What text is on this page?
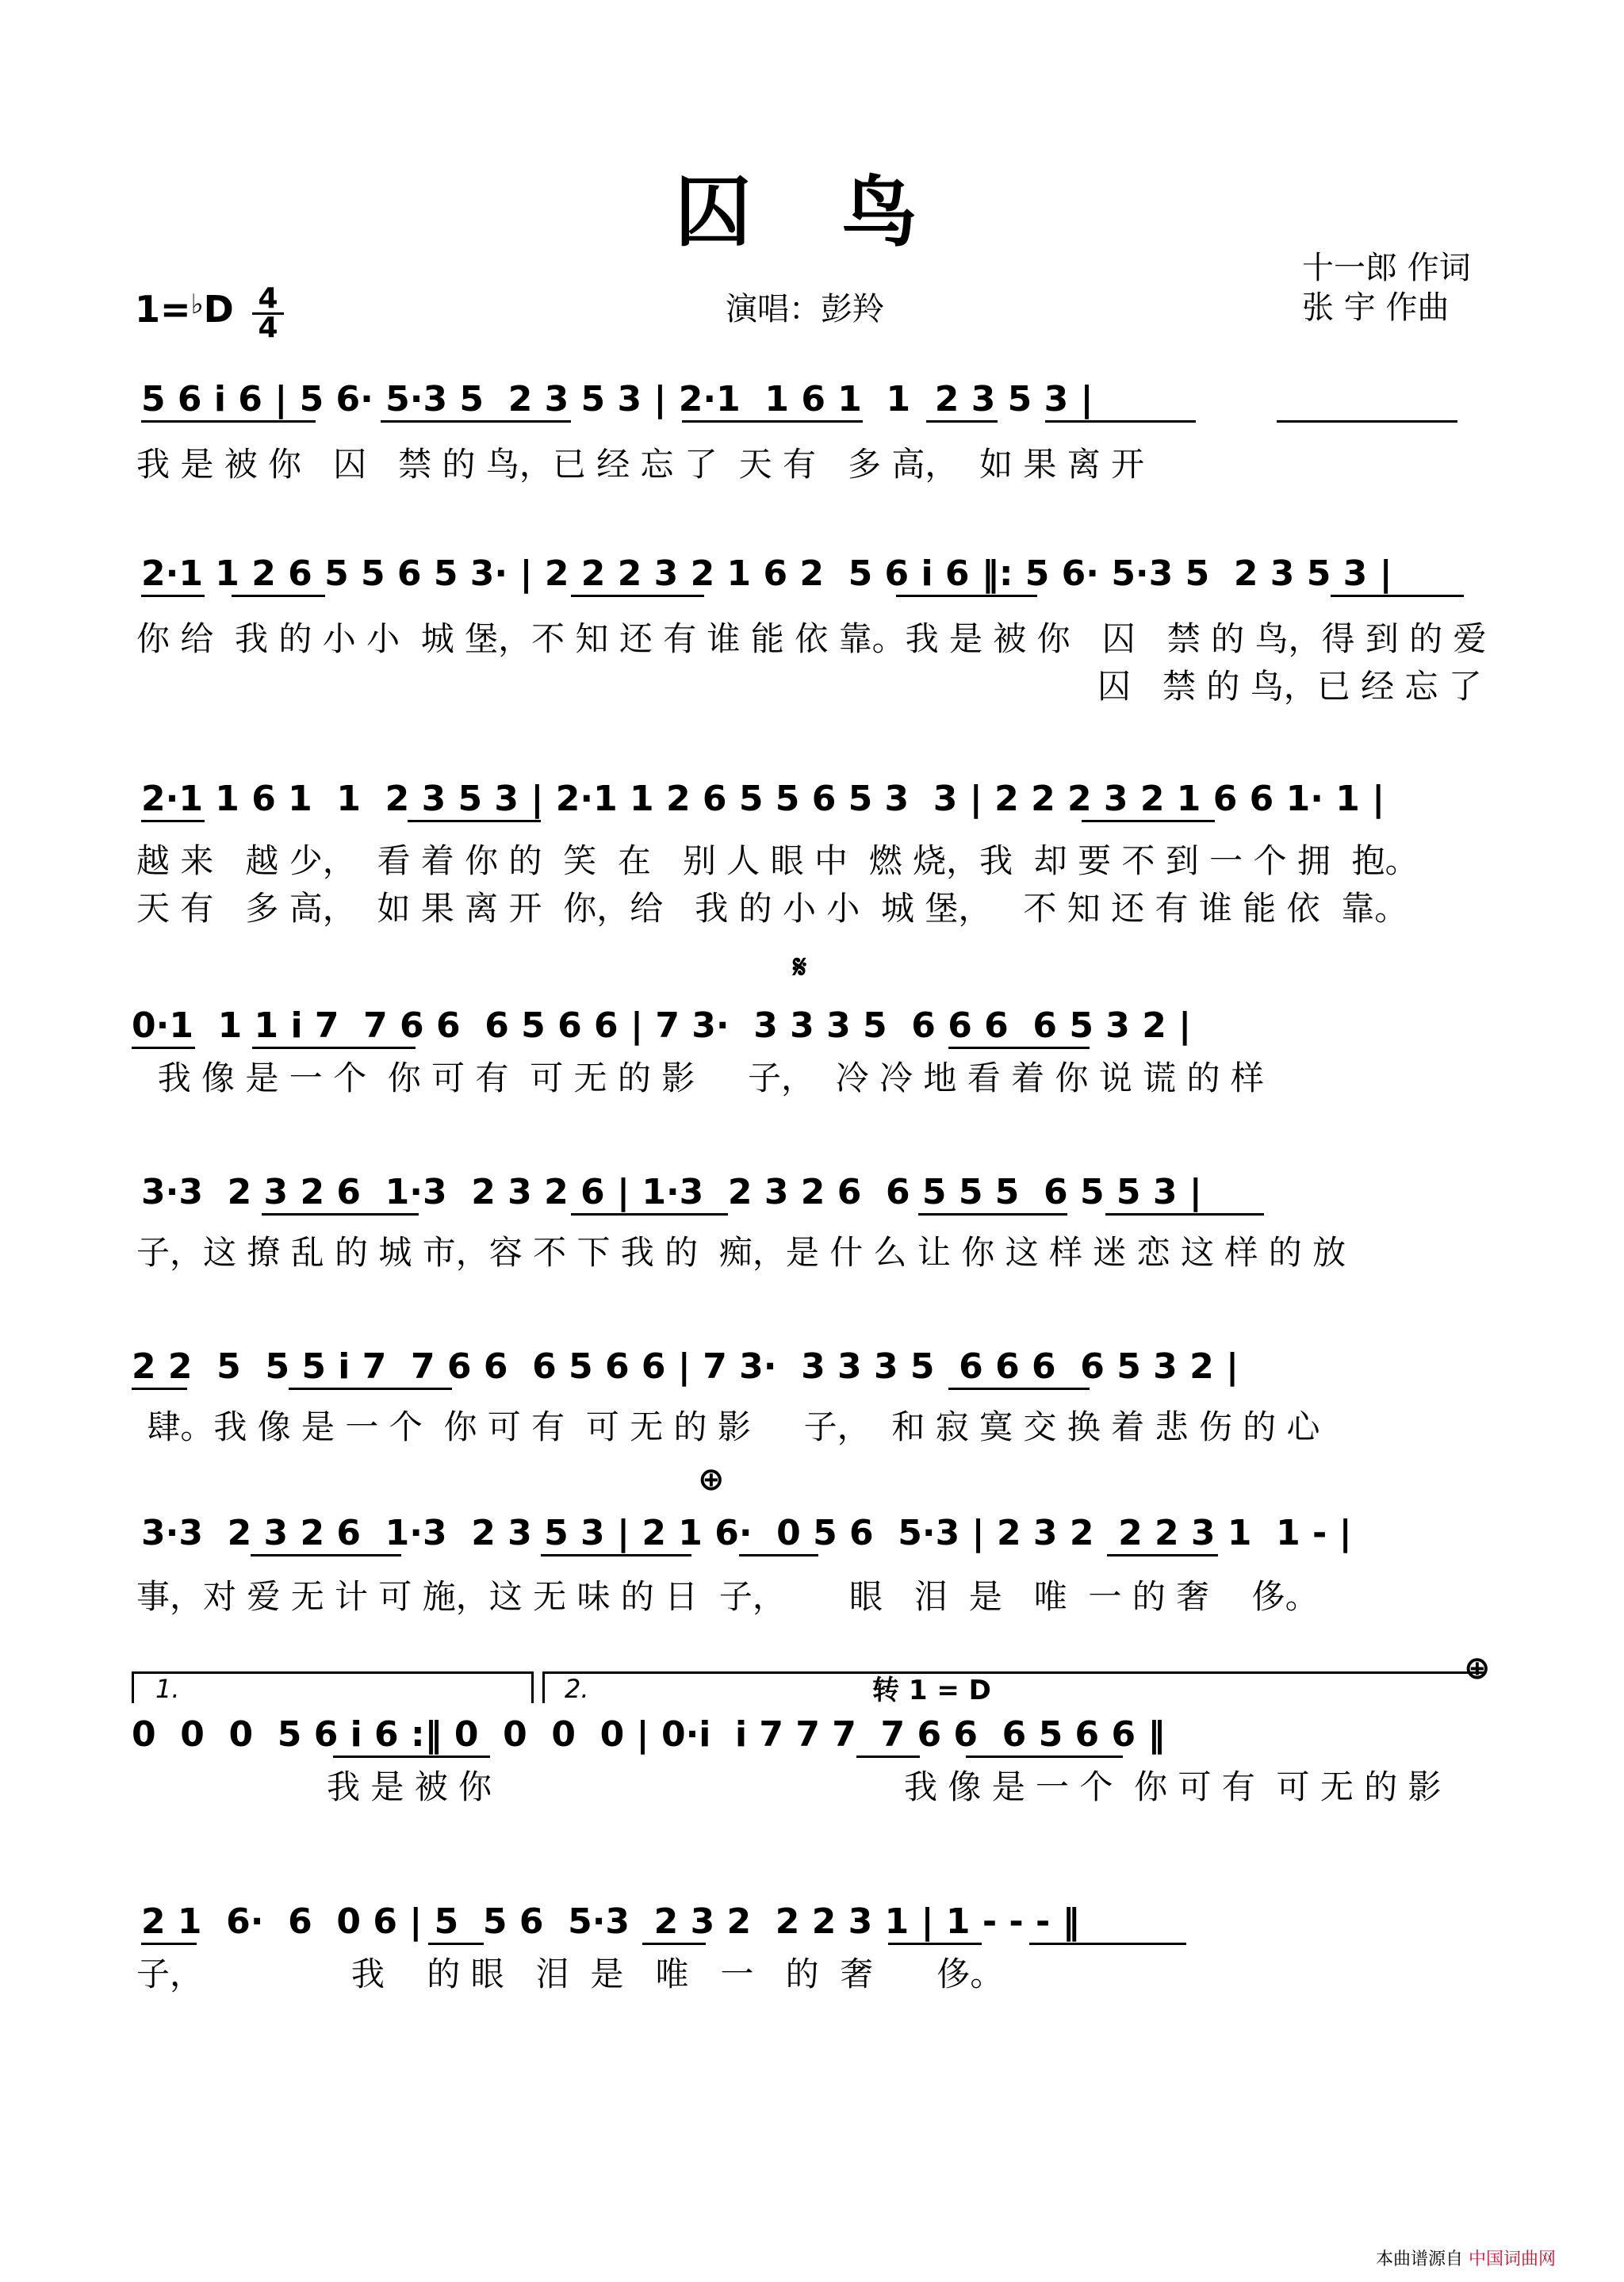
囚 鸟
1=♭D 4
4
演唱：彭羚
十一郎 作词
张 宇 作曲
5 6 i 6 | 5 6· 5·3 5  2 3 5 3 | 2·1  1 6 1  1  2 3 5 3 |
我 是 被 你   囚   禁 的 鸟，已 经 忘 了  天 有   多 高，  如 果 离 开
2·1 1 2 6 5 5 6 5 3· | 2 2 2 3 2 1 6 2  5 6 i 6 ‖: 5 6· 5·3 5  2 3 5 3 |
你 给  我 的 小 小  城 堡，不 知 还 有 谁 能 依 靠。我 是 被 你   囚   禁 的 鸟，得 到 的 爱
囚   禁 的 鸟，已 经 忘 了
2·1 1 6 1  1  2 3 5 3 | 2·1 1 2 6 5 5 6 5 3  3 | 2 2 2 3 2 1 6 6 1· 1 |
越 来   越 少，  看 着 你 的  笑  在   别 人 眼 中  燃 烧，我  却 要 不 到 一 个 拥  抱。
天 有   多 高，  如 果 离 开  你，给   我 的 小 小  城 堡，   不 知 还 有 谁 能 依  靠。
𝄋
0·1  1 1 i 7  7 6 6  6 5 6 6 | 7 3·  3 3 3 5  6 6 6  6 5 3 2 |
我 像 是 一 个  你 可 有  可 无 的 影     子，  冷 冷 地 看 着 你 说 谎 的 样
3·3  2 3 2 6  1·3  2 3 2 6 | 1·3  2 3 2 6  6 5 5 5  6 5 5 3 |
子，这 撩 乱 的 城 市，容 不 下 我 的  痴，是 什 么 让 你 这 样 迷 恋 这 样 的 放
2 2  5  5 5 i 7  7 6 6  6 5 6 6 | 7 3·  3 3 3 5  6 6 6  6 5 3 2 |
肆。我 像 是 一 个  你 可 有  可 无 的 影     子，  和 寂 寞 交 换 着 悲 伤 的 心
⊕
3·3  2 3 2 6  1·3  2 3 5 3 | 2 1 6·  0 5 6  5·3 | 2 3 2  2 2 3 1  1 - |
事，对 爱 无 计 可 施，这 无 味 的 日  子，      眼   泪  是   唯  一 的 奢    侈。
1.	2.	转 1 = D
⊕
0  0  0  5 6 i 6 :‖ 0  0  0  0 | 0·i  i 7 7 7  7 6 6  6 5 6 6 ‖
我 是 被 你	我 像 是 一 个  你 可 有  可 无 的 影
2 1  6·  6  0 6 | 5  5 6  5·3  2 3 2  2 2 3 1 | 1 - - - ‖
子，              我    的 眼   泪  是   唯   一   的  奢      侈。
本曲谱源自 中国词曲网
